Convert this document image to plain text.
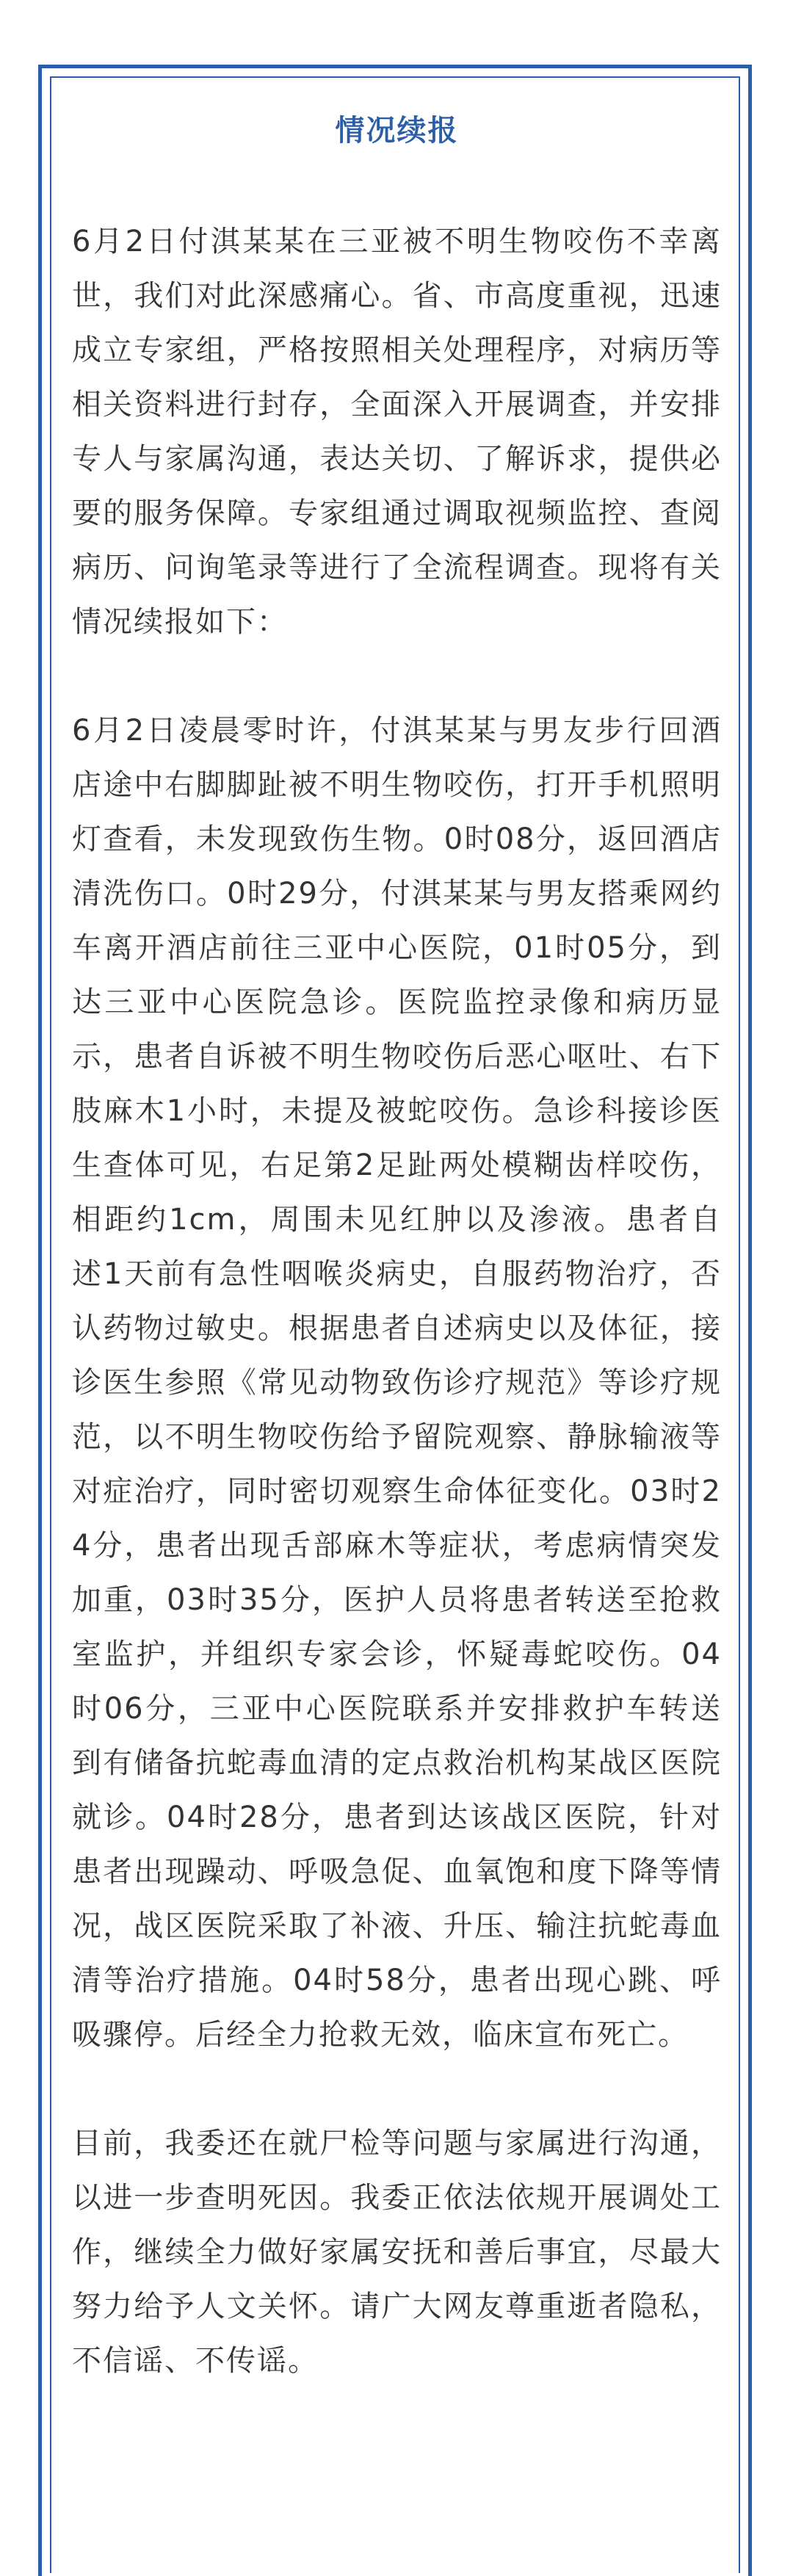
情况续报

6月2日付淇某某在三亚被不明生物咬伤不幸离世，我们对此深感痛心。省、市高度重视，迅速成立专家组，严格按照相关处理程序，对病历等相关资料进行封存，全面深入开展调查，并安排专人与家属沟通，表达关切、了解诉求，提供必要的服务保障。专家组通过调取视频监控、查阅病历、问询笔录等进行了全流程调查。现将有关情况续报如下：

6月2日凌晨零时许，付淇某某与男友步行回酒店途中右脚脚趾被不明生物咬伤，打开手机照明灯查看，未发现致伤生物。0时08分，返回酒店清洗伤口。0时29分，付淇某某与男友搭乘网约车离开酒店前往三亚中心医院，01时05分，到达三亚中心医院急诊。医院监控录像和病历显示，患者自诉被不明生物咬伤后恶心呕吐、右下肢麻木1小时，未提及被蛇咬伤。急诊科接诊医生查体可见，右足第2足趾两处模糊齿样咬伤，相距约1cm，周围未见红肿以及渗液。患者自述1天前有急性咽喉炎病史，自服药物治疗，否认药物过敏史。根据患者自述病史以及体征，接诊医生参照《常见动物致伤诊疗规范》等诊疗规范，以不明生物咬伤给予留院观察、静脉输液等对症治疗，同时密切观察生命体征变化。03时24分，患者出现舌部麻木等症状，考虑病情突发加重，03时35分，医护人员将患者转送至抢救室监护，并组织专家会诊，怀疑毒蛇咬伤。04时06分，三亚中心医院联系并安排救护车转送到有储备抗蛇毒血清的定点救治机构某战区医院就诊。04时28分，患者到达该战区医院，针对患者出现躁动、呼吸急促、血氧饱和度下降等情况，战区医院采取了补液、升压、输注抗蛇毒血清等治疗措施。04时58分，患者出现心跳、呼吸骤停。后经全力抢救无效，临床宣布死亡。

目前，我委还在就尸检等问题与家属进行沟通，以进一步查明死因。我委正依法依规开展调处工作，继续全力做好家属安抚和善后事宜，尽最大努力给予人文关怀。请广大网友尊重逝者隐私，不信谣、不传谣。
